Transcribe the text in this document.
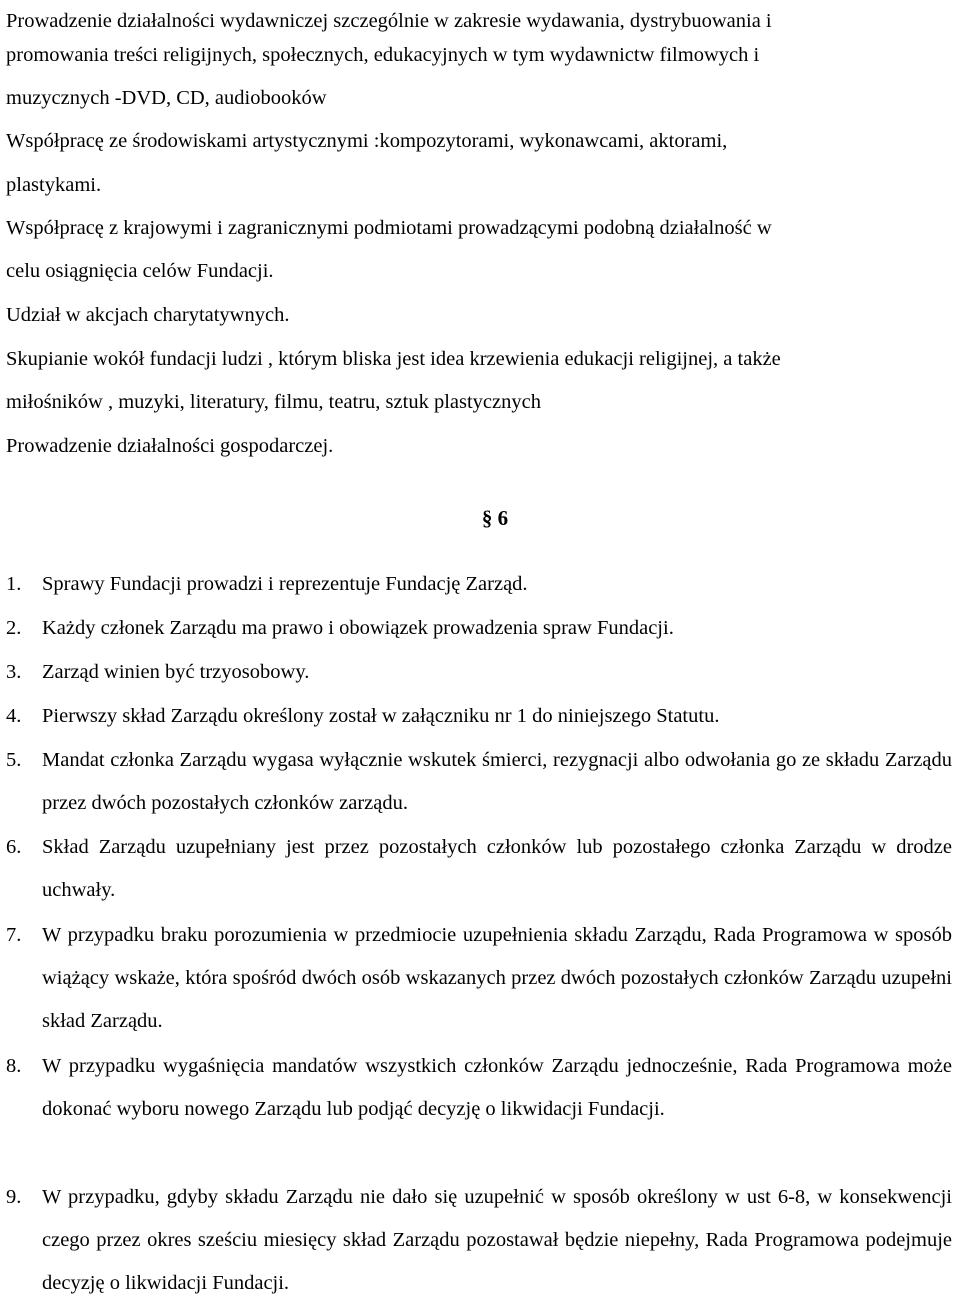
Prowadzenie działalności wydawniczej szczególnie w zakresie wydawania, dystrybuowania i
promowania treści religijnych, społecznych, edukacyjnych w tym wydawnictw filmowych i
muzycznych -DVD, CD, audiobooków
Współpracę ze środowiskami artystycznymi :kompozytorami, wykonawcami, aktorami,
plastykami.
Współpracę z krajowymi i zagranicznymi podmiotami prowadzącymi podobną działalność w
celu osiągnięcia celów Fundacji.
Udział w akcjach charytatywnych.
Skupianie wokół fundacji ludzi , którym bliska jest idea krzewienia edukacji religijnej, a także
miłośników , muzyki, literatury, filmu, teatru, sztuk plastycznych
Prowadzenie działalności gospodarczej.
§ 6
1.	Sprawy Fundacji prowadzi i reprezentuje Fundację Zarząd.
2.	Każdy członek Zarządu ma prawo i obowiązek prowadzenia spraw Fundacji.
3.	Zarząd winien być trzyosobowy.
4.	Pierwszy skład Zarządu określony został w załączniku nr 1 do niniejszego Statutu.
5.	Mandat członka Zarządu wygasa wyłącznie wskutek śmierci, rezygnacji albo odwołania go ze składu Zarządu przez dwóch pozostałych członków zarządu.
6.	Skład Zarządu uzupełniany jest przez pozostałych członków lub pozostałego członka Zarządu w drodze uchwały.
7.	W przypadku braku porozumienia w przedmiocie uzupełnienia składu Zarządu, Rada Programowa w sposób wiążący wskaże, która spośród dwóch osób wskazanych przez dwóch pozostałych członków Zarządu uzupełni skład Zarządu.
8.	W przypadku wygaśnięcia mandatów wszystkich członków Zarządu jednocześnie, Rada Programowa może dokonać wyboru nowego Zarządu lub podjąć decyzję o likwidacji Fundacji.
9.	W przypadku, gdyby składu Zarządu nie dało się uzupełnić w sposób określony w ust 6-8, w konsekwencji czego przez okres sześciu miesięcy skład Zarządu pozostawał będzie niepełny, Rada Programowa podejmuje decyzję o likwidacji Fundacji.
